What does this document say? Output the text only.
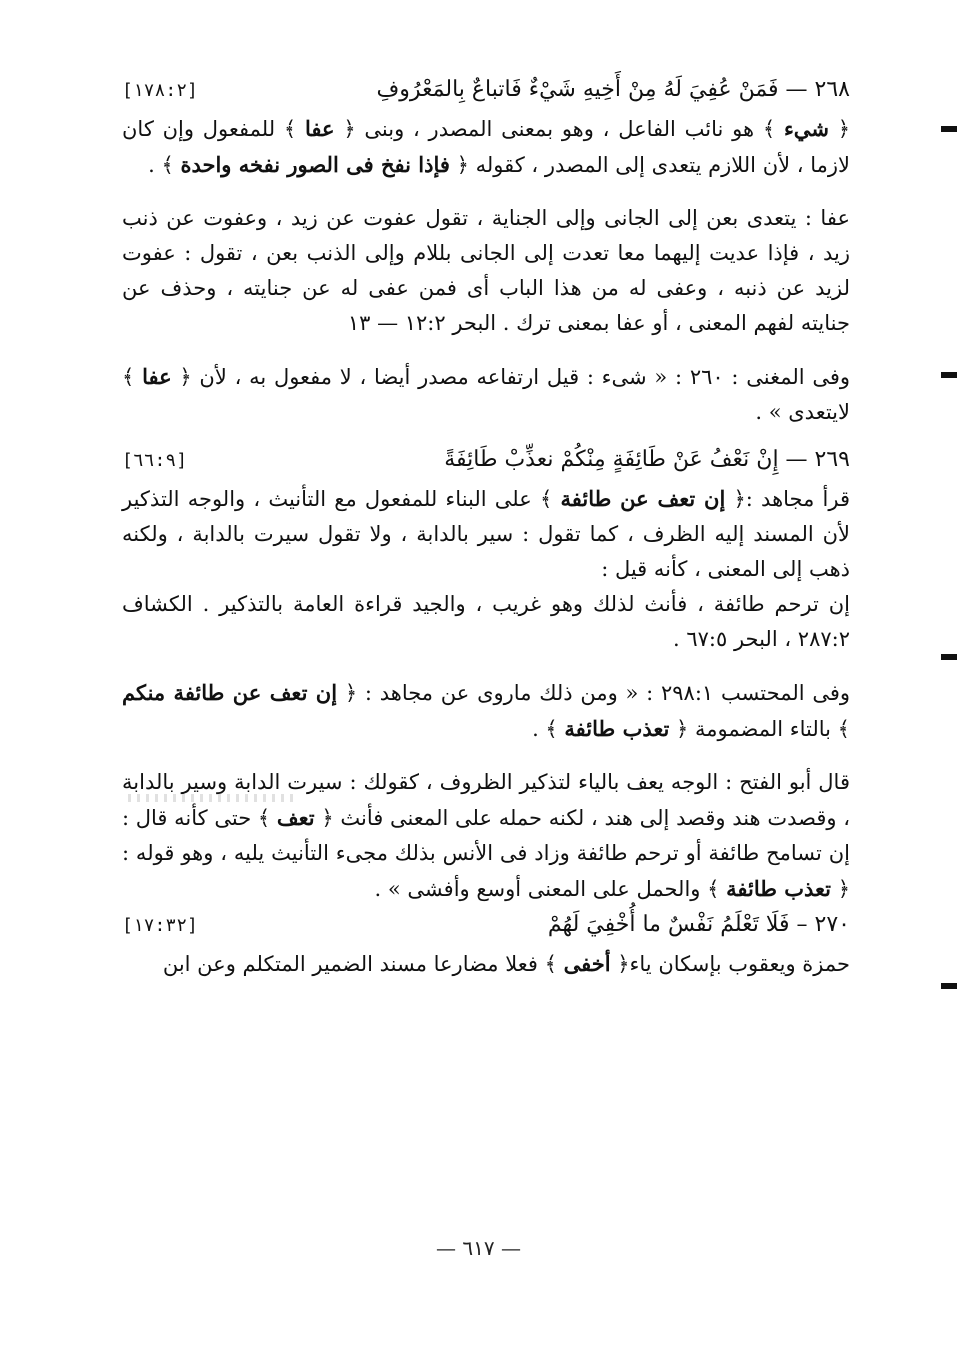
٢٦٨ — فَمَنْ عُفِيَ لَهُ مِنْ أَخِيهِ شَيْءٌ فَاتباعٌ بِالمَعْرُوفِ
[١٧٨:٢]

﴿ شيء ﴾ هو نائب الفاعل ، وهو بمعنى المصدر ، وبنى ﴿ عفا ﴾ للمفعول وإن كان لازما ، لأن اللازم يتعدى إلى المصدر ، كقوله ﴿ فإذا نفخ فى الصور نفخه واحدة ﴾ .

عفا : يتعدى بعن إلى الجانى وإلى الجناية ، تقول عفوت عن زيد ، وعفوت عن ذنب زيد ، فإذا عديت إليهما معا تعدت إلى الجانى بللام وإلى الذنب بعن ، تقول : عفوت لزيد عن ذنبه ، وعفى له من هذا الباب أى فمن عفى له عن جنايته ، وحذف عن جنايته لفهم المعنى ، أو عفا بمعنى ترك . البحر ١٢:٢ — ١٣

وفى المغنى : ٢٦٠ : « شىء : قيل ارتفاعه مصدر أيضا ، لا مفعول به ، لأن ﴿ عفا ﴾ لايتعدى » .

٢٦٩ — إِنْ نَعْفُ عَنْ طَائِفَةٍ مِنْكُمْ نعذِّبْ طَائِفَةً
[٦٦:٩]

قرأ مجاهد :﴿ إن تعف عن طائفة ﴾ على البناء للمفعول مع التأنيث ، والوجه التذكير لأن المسند إليه الظرف ، كما تقول : سير بالدابة ، ولا تقول سيرت بالدابة ، ولكنه ذهب إلى المعنى ، كأنه قيل :

إن ترحم طائفة ، فأنث لذلك وهو غريب ، والجيد قراءة العامة بالتذكير . الكشاف ٢٨٧:٢ ، البحر ٦٧:٥ .

وفى المحتسب ٢٩٨:١ : « ومن ذلك ماروى عن مجاهد : ﴿ إن تعف عن طائفة منكم ﴾ بالتاء المضمومة ﴿ تعذب طائفة ﴾ .

قال أبو الفتح : الوجه يعف بالياء لتذكير الظروف ، كقولك : سيرت الدابة وسير بالدابة ، وقصدت هند وقصد إلى هند ، لكنه حمله على المعنى فأنث ﴿ تعف ﴾ حتى كأنه قال : إن تسامح طائفة أو ترحم طائفة وزاد فى الأنس بذلك مجىء التأنيث يليه ، وهو قوله :﴿ تعذب طائفة ﴾ والحمل على المعنى أوسع وأفشى » .

٢٧٠ – فَلَا تَعْلَمُ نَفْسٌ ما أُخْفِيَ لَهُمْ
[١٧:٣٢]

حمزة ويعقوب بإسكان ياء﴿ أخفى ﴾ فعلا مضارعا مسند الضمير المتكلم وعن ابن

— ٦١٧ —
